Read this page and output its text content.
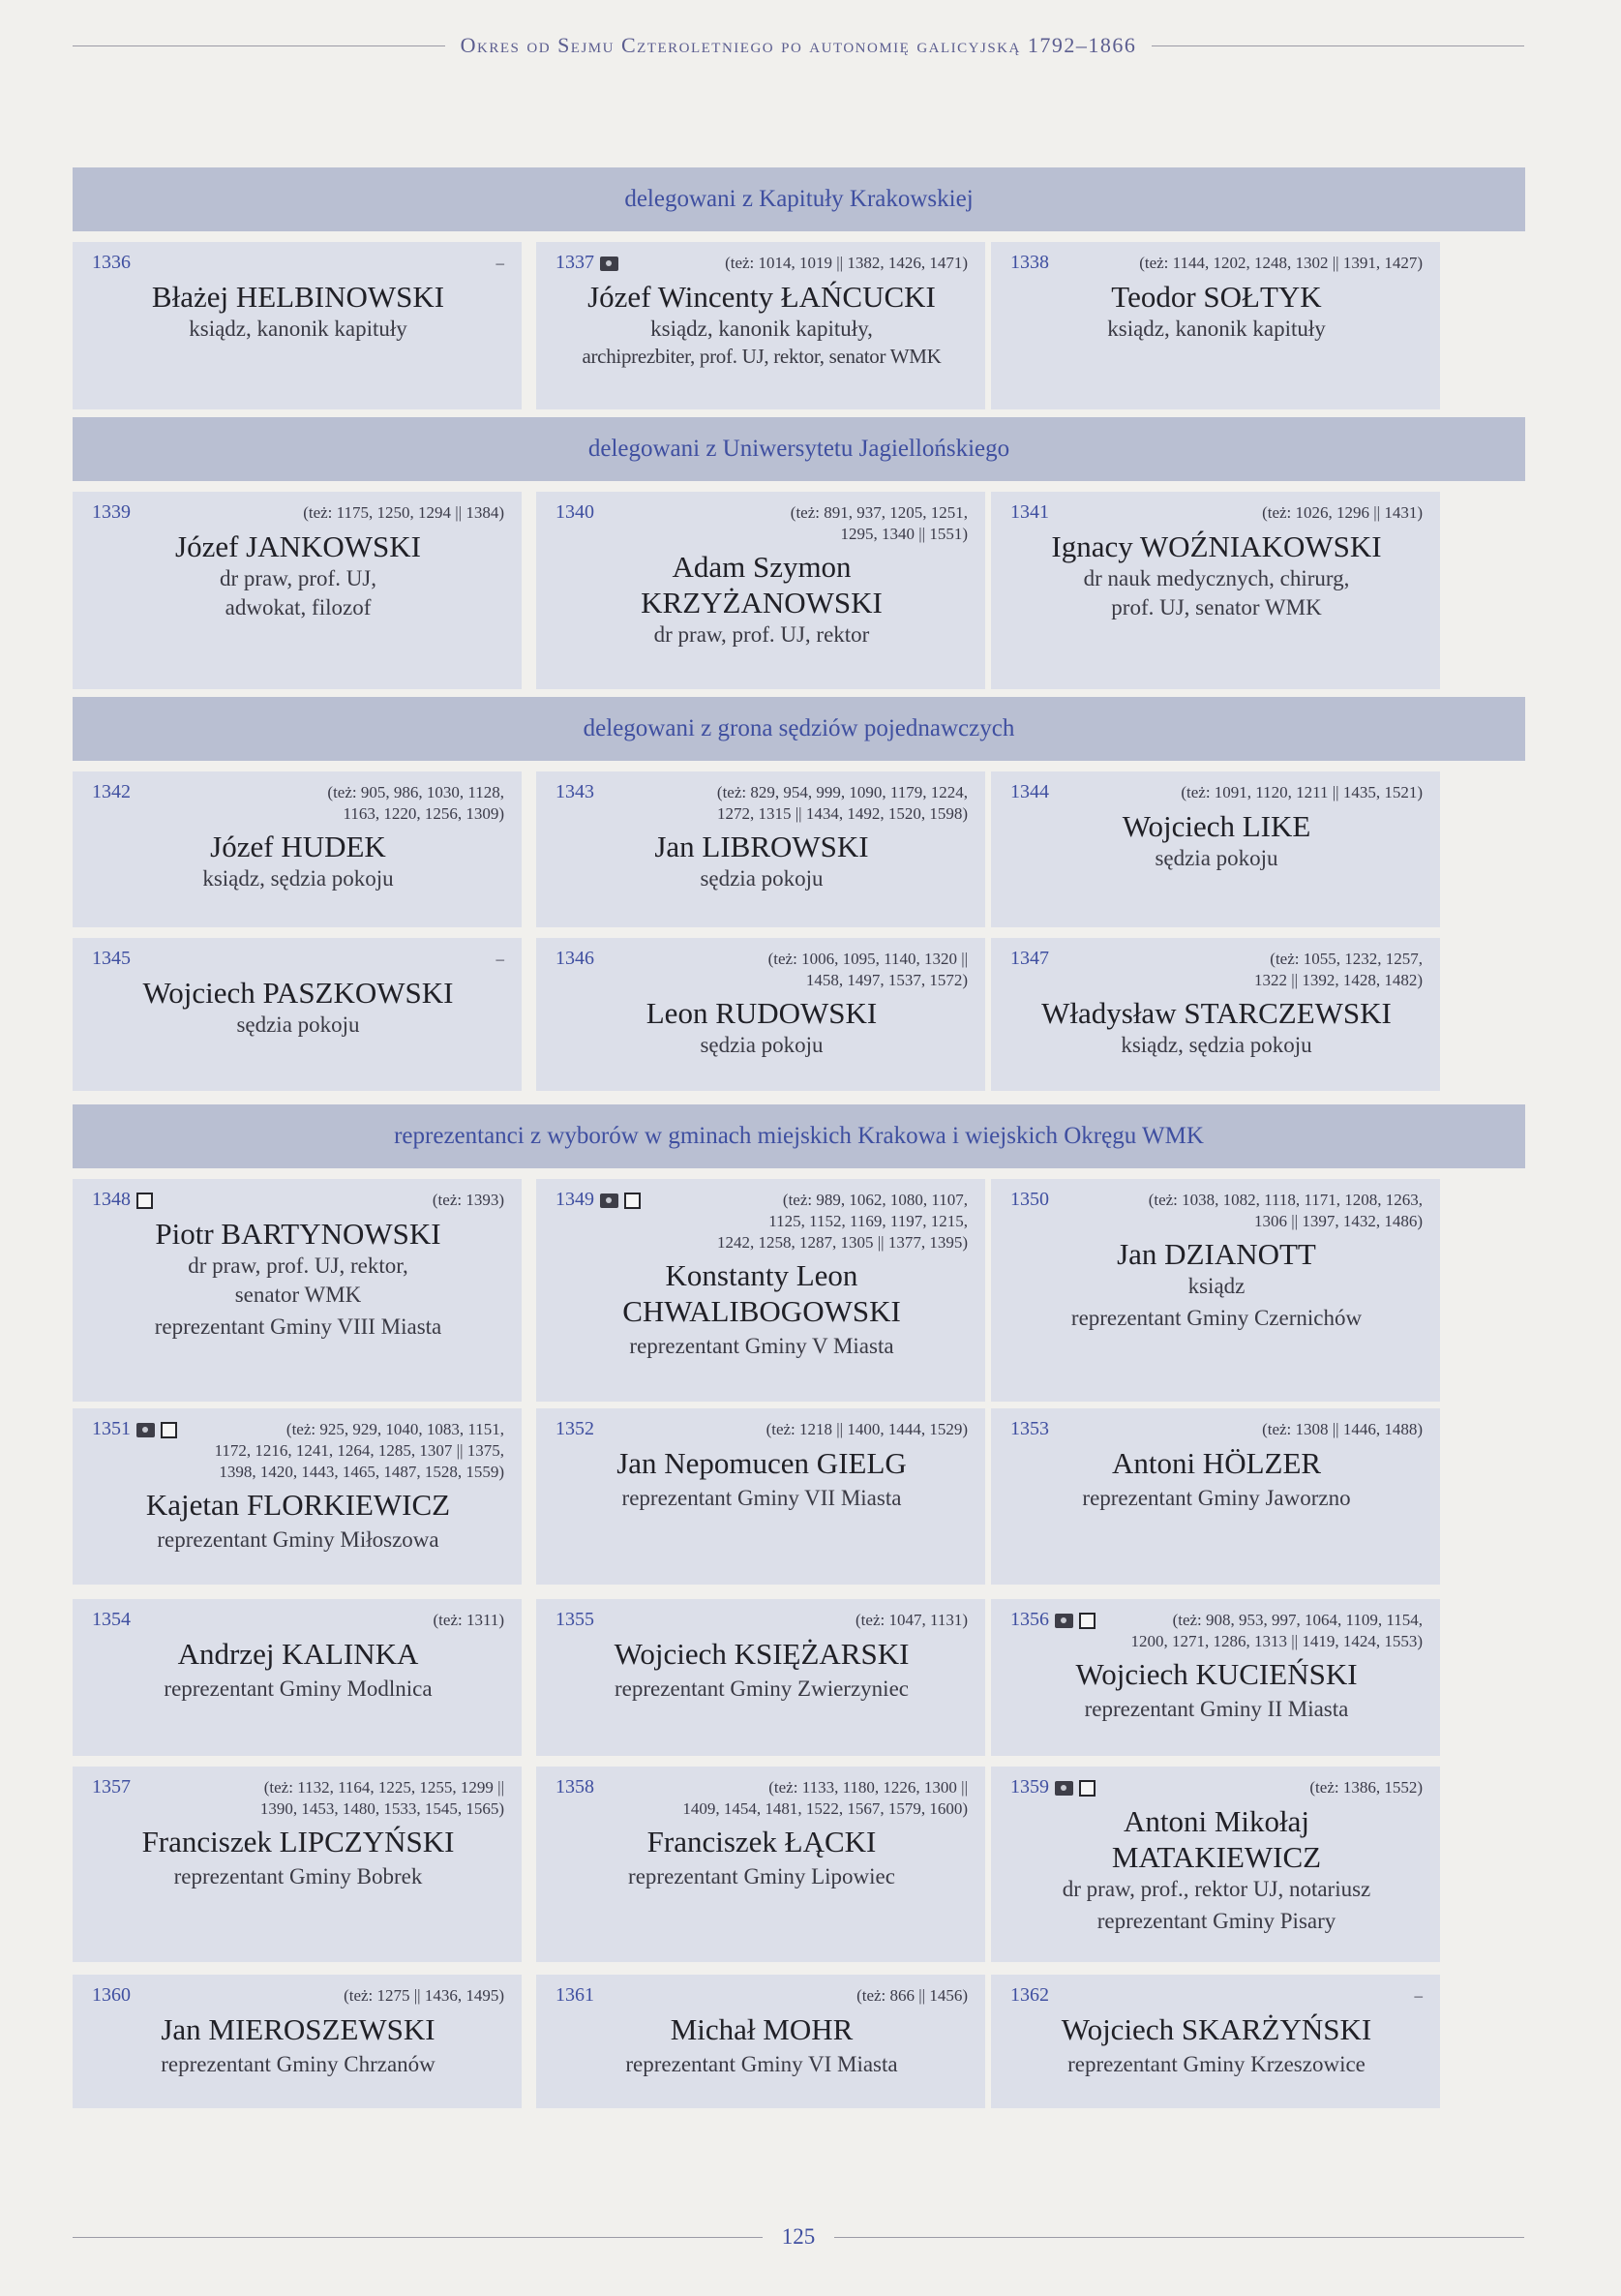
Okres od Sejmu Czteroletniego po autonomię galicyjską 1792–1866
delegowani z Kapituły Krakowskiej
delegowani z Uniwersytetu Jagiellońskiego
delegowani z grona sędziów pojednawczych
reprezentanci z wyborów w gminach miejskich Krakowa i wiejskich Okręgu WMK
1336	–
Błażej HELBINOWSKI
ksiądz, kanonik kapituły
1337	(też: 1014, 1019 || 1382, 1426, 1471)
Józef Wincenty ŁAŃCUCKI
ksiądz, kanonik kapituły,
archiprezbiter, prof. UJ, rektor, senator WMK
1338	(też: 1144, 1202, 1248, 1302 || 1391, 1427)
Teodor SOŁTYK
ksiądz, kanonik kapituły
1339	(też: 1175, 1250, 1294 || 1384)
Józef JANKOWSKI
dr praw, prof. UJ,
adwokat, filozof
1340	(też: 891, 937, 1205, 1251,
1295, 1340 || 1551)
Adam Szymon
KRZYŻANOWSKI
dr praw, prof. UJ, rektor
1341	(też: 1026, 1296 || 1431)
Ignacy WOŹNIAKOWSKI
dr nauk medycznych, chirurg,
prof. UJ, senator WMK
1342	(też: 905, 986, 1030, 1128,
1163, 1220, 1256, 1309)
Józef HUDEK
ksiądz, sędzia pokoju
1343	(też: 829, 954, 999, 1090, 1179, 1224,
1272, 1315 || 1434, 1492, 1520, 1598)
Jan LIBROWSKI
sędzia pokoju
1344	(też: 1091, 1120, 1211 || 1435, 1521)
Wojciech LIKE
sędzia pokoju
1345	–
Wojciech PASZKOWSKI
sędzia pokoju
1346	(też: 1006, 1095, 1140, 1320 ||
1458, 1497, 1537, 1572)
Leon RUDOWSKI
sędzia pokoju
1347	(też: 1055, 1232, 1257,
1322 || 1392, 1428, 1482)
Władysław STARCZEWSKI
ksiądz, sędzia pokoju
1348	(też: 1393)
Piotr BARTYNOWSKI
dr praw, prof. UJ, rektor,
senator WMK
reprezentant Gminy VIII Miasta
1349	(też: 989, 1062, 1080, 1107,
1125, 1152, 1169, 1197, 1215,
1242, 1258, 1287, 1305 || 1377, 1395)
Konstanty Leon
CHWALIBOGOWSKI
reprezentant Gminy V Miasta
1350	(też: 1038, 1082, 1118, 1171, 1208, 1263,
1306 || 1397, 1432, 1486)
Jan DZIANOTT
ksiądz
reprezentant Gminy Czernichów
1351	(też: 925, 929, 1040, 1083, 1151,
1172, 1216, 1241, 1264, 1285, 1307 || 1375,
1398, 1420, 1443, 1465, 1487, 1528, 1559)
Kajetan FLORKIEWICZ
reprezentant Gminy Miłoszowa
1352	(też: 1218 || 1400, 1444, 1529)
Jan Nepomucen GIELG
reprezentant Gminy VII Miasta
1353	(też: 1308 || 1446, 1488)
Antoni HÖLZER
reprezentant Gminy Jaworzno
1354	(też: 1311)
Andrzej KALINKA
reprezentant Gminy Modlnica
1355	(też: 1047, 1131)
Wojciech KSIĘŻARSKI
reprezentant Gminy Zwierzyniec
1356	(też: 908, 953, 997, 1064, 1109, 1154,
1200, 1271, 1286, 1313 || 1419, 1424, 1553)
Wojciech KUCIEŃSKI
reprezentant Gminy II Miasta
1357	(też: 1132, 1164, 1225, 1255, 1299 ||
1390, 1453, 1480, 1533, 1545, 1565)
Franciszek LIPCZYŃSKI
reprezentant Gminy Bobrek
1358	(też: 1133, 1180, 1226, 1300 ||
1409, 1454, 1481, 1522, 1567, 1579, 1600)
Franciszek ŁĄCKI
reprezentant Gminy Lipowiec
1359	(też: 1386, 1552)
Antoni Mikołaj
MATAKIEWICZ
dr praw, prof., rektor UJ, notariusz
reprezentant Gminy Pisary
1360	(też: 1275 || 1436, 1495)
Jan MIEROSZEWSKI
reprezentant Gminy Chrzanów
1361	(też: 866 || 1456)
Michał MOHR
reprezentant Gminy VI Miasta
1362	–
Wojciech SKARŻYŃSKI
reprezentant Gminy Krzeszowice
125
